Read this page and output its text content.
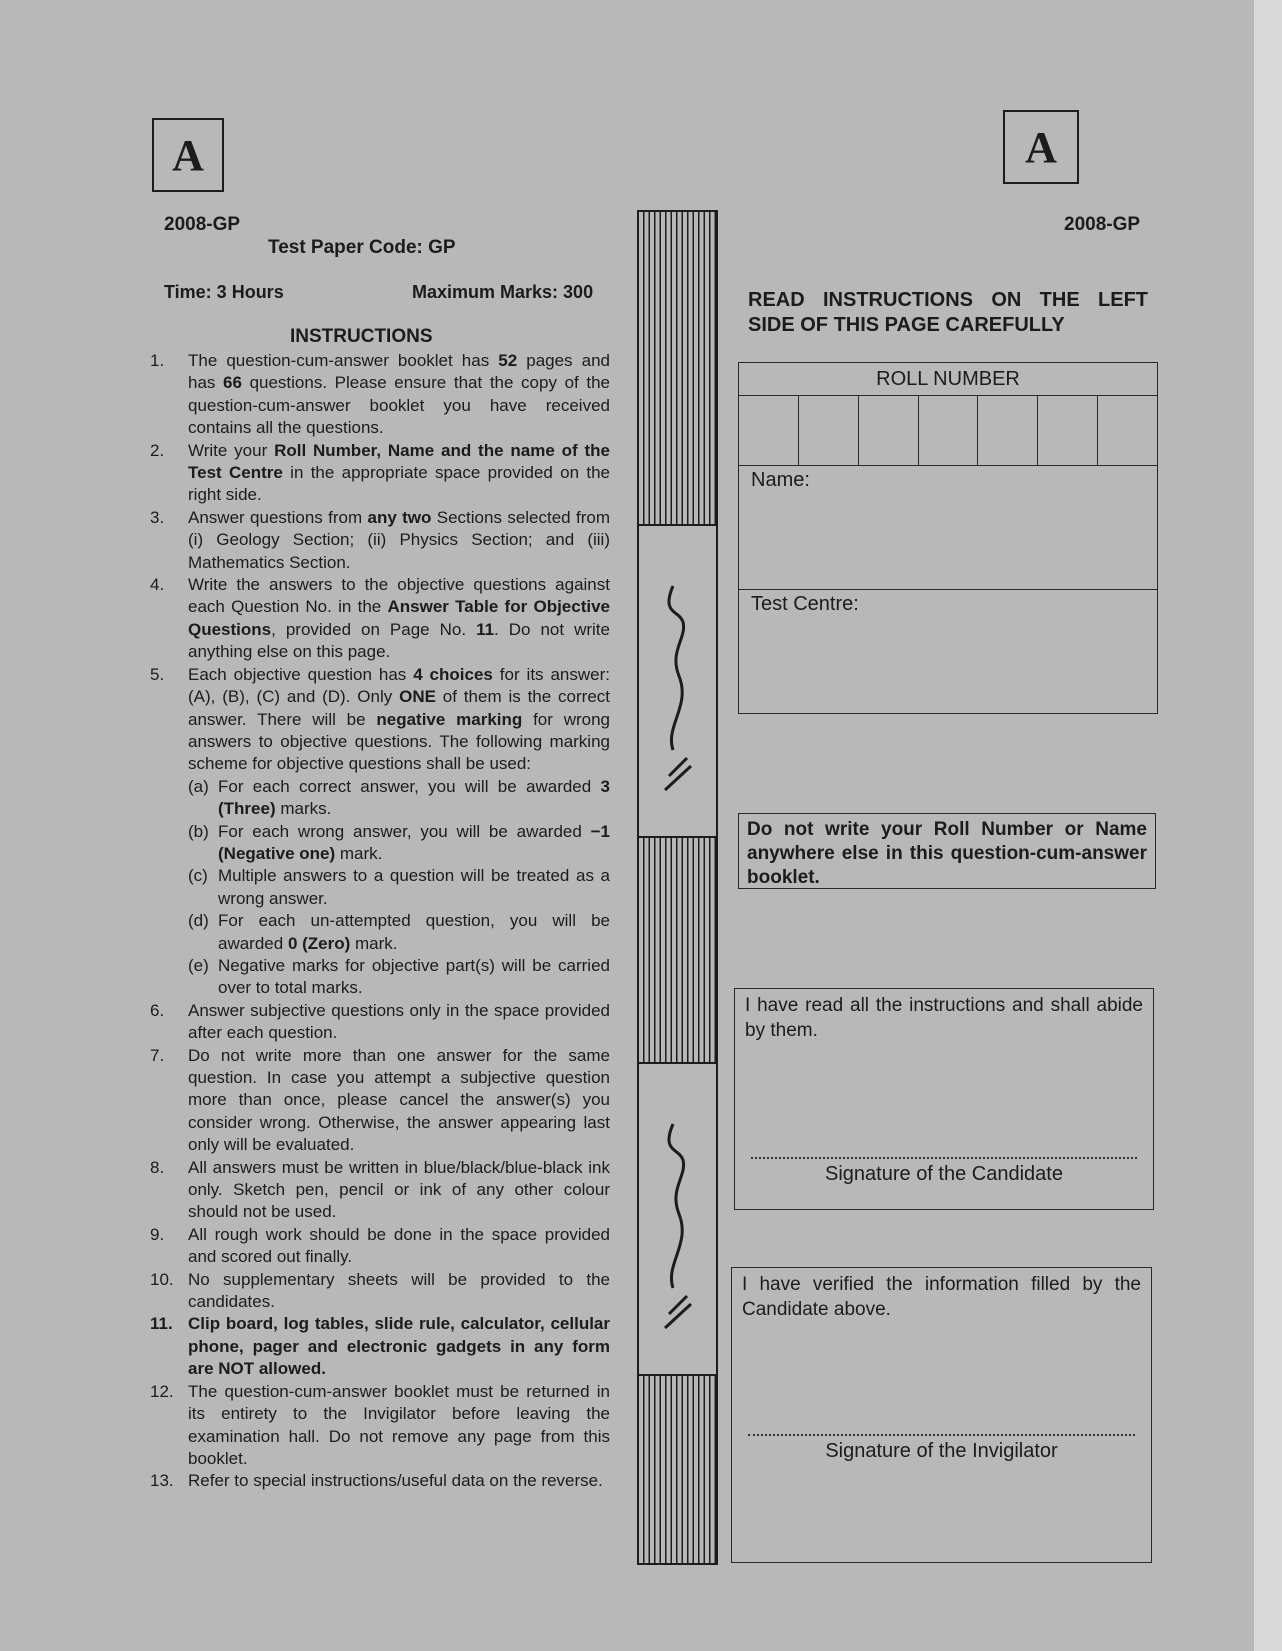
A	A
2008-GP	2008-GP
Test Paper Code: GP
Time: 3 Hours	Maximum Marks: 300
INSTRUCTIONS
1. The question-cum-answer booklet has 52 pages and has 66 questions. Please ensure that the copy of the question-cum-answer booklet you have received contains all the questions.
2. Write your Roll Number, Name and the name of the Test Centre in the appropriate space provided on the right side.
3. Answer questions from any two Sections selected from (i) Geology Section; (ii) Physics Section; and (iii) Mathematics Section.
4. Write the answers to the objective questions against each Question No. in the Answer Table for Objective Questions, provided on Page No. 11. Do not write anything else on this page.
5. Each objective question has 4 choices for its answer: (A), (B), (C) and (D). Only ONE of them is the correct answer. There will be negative marking for wrong answers to objective questions. The following marking scheme for objective questions shall be used:
(a) For each correct answer, you will be awarded 3 (Three) marks.
(b) For each wrong answer, you will be awarded −1 (Negative one) mark.
(c) Multiple answers to a question will be treated as a wrong answer.
(d) For each un-attempted question, you will be awarded 0 (Zero) mark.
(e) Negative marks for objective part(s) will be carried over to total marks.
6. Answer subjective questions only in the space provided after each question.
7. Do not write more than one answer for the same question. In case you attempt a subjective question more than once, please cancel the answer(s) you consider wrong. Otherwise, the answer appearing last only will be evaluated.
8. All answers must be written in blue/black/blue-black ink only. Sketch pen, pencil or ink of any other colour should not be used.
9. All rough work should be done in the space provided and scored out finally.
10. No supplementary sheets will be provided to the candidates.
11. Clip board, log tables, slide rule, calculator, cellular phone, pager and electronic gadgets in any form are NOT allowed.
12. The question-cum-answer booklet must be returned in its entirety to the Invigilator before leaving the examination hall. Do not remove any page from this booklet.
13. Refer to special instructions/useful data on the reverse.
READ INSTRUCTIONS ON THE LEFT SIDE OF THIS PAGE CAREFULLY
ROLL NUMBER
Name:
Test Centre:
Do not write your Roll Number or Name anywhere else in this question-cum-answer booklet.
I have read all the instructions and shall abide by them.
Signature of the Candidate
I have verified the information filled by the Candidate above.
Signature of the Invigilator
